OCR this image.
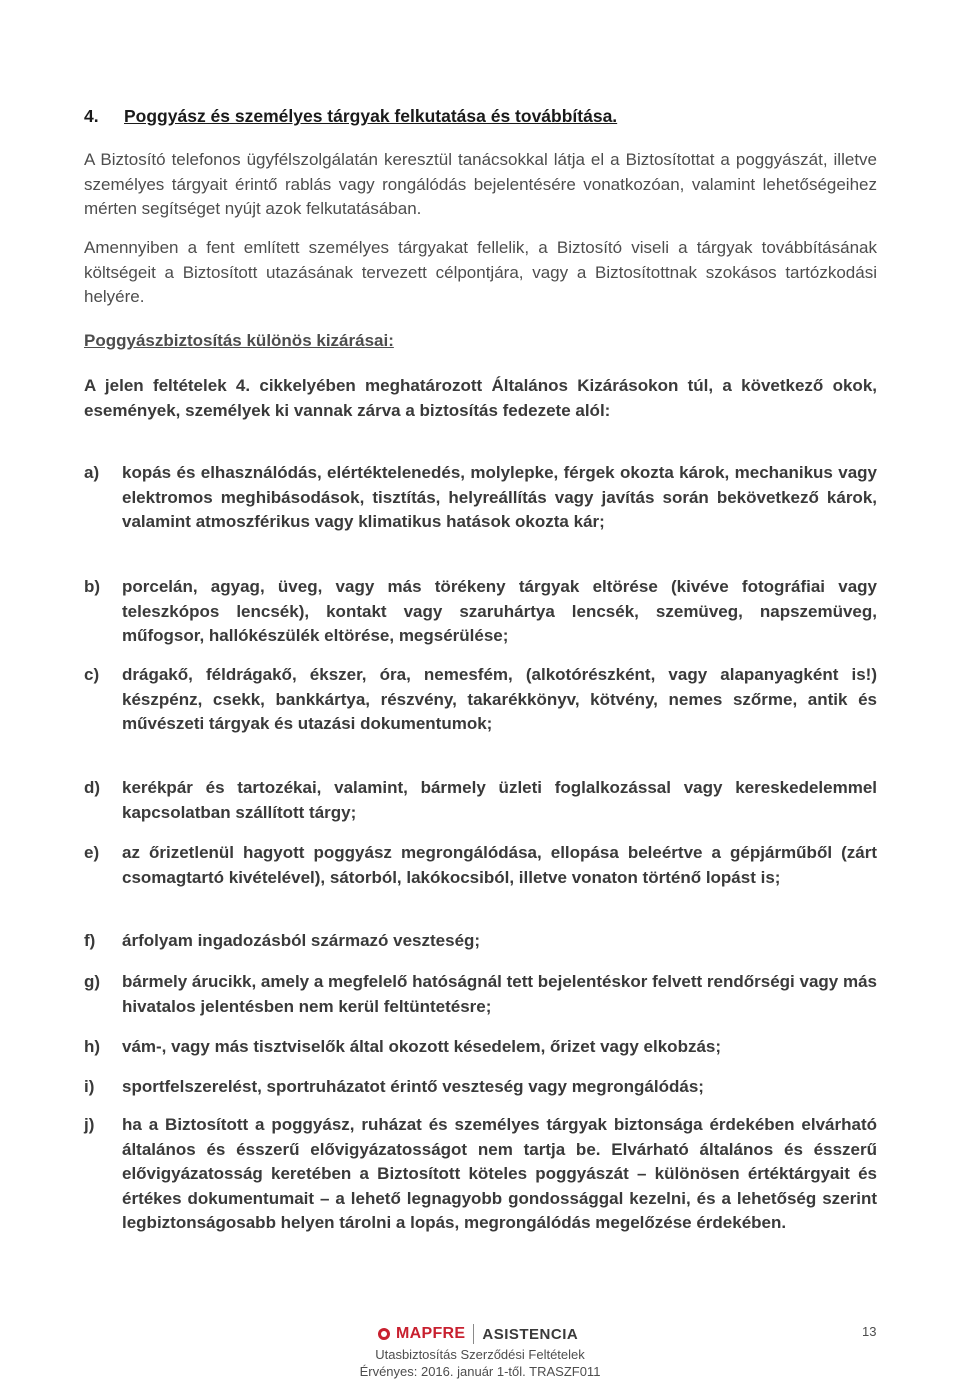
4. Poggyász és személyes tárgyak felkutatása és továbbítása.
A Biztosító telefonos ügyfélszolgálatán keresztül tanácsokkal látja el a Biztosítottat a poggyászát, illetve személyes tárgyait érintő rablás vagy rongálódás bejelentésére vonatkozóan, valamint lehetőségeihez mérten segítséget nyújt azok felkutatásában.
Amennyiben a fent említett személyes tárgyakat fellelik, a Biztosító viseli a tárgyak továbbításának költségeit a Biztosított utazásának tervezett célpontjára, vagy a Biztosítottnak szokásos tartózkodási helyére.
Poggyászbiztosítás különös kizárásai:
A jelen feltételek 4. cikkelyében meghatározott Általános Kizárásokon túl, a következő okok, események, személyek ki vannak zárva a biztosítás fedezete alól:
a) kopás és elhasználódás, elértéktelenedés, molylepke, férgek okozta károk, mechanikus vagy elektromos meghibásodások, tisztítás, helyreállítás vagy javítás során bekövetkező károk, valamint atmoszférikus vagy klimatikus hatások okozta kár;
b) porcelán, agyag, üveg, vagy más törékeny tárgyak eltörése (kivéve fotográfiai vagy teleszkópos lencsék), kontakt vagy szaruhártya lencsék, szemüveg, napszemüveg, műfogsor, hallókészülék eltörése, megsérülése;
c) drágakő, féldrágakő, ékszer, óra, nemesfém, (alkotórészként, vagy alapanyagként is!) készpénz, csekk, bankkártya, részvény, takarékkönyv, kötvény, nemes szőrme, antik és művészeti tárgyak és utazási dokumentumok;
d) kerékpár és tartozékai, valamint, bármely üzleti foglalkozással vagy kereskedelemmel kapcsolatban szállított tárgy;
e) az őrizetlenül hagyott poggyász megrongálódása, ellopása beleértve a gépjárműből (zárt csomagtartó kivételével), sátorból, lakókocsiból, illetve vonaton történő lopást is;
f) árfolyam ingadozásból származó veszteség;
g) bármely árucikk, amely a megfelelő hatóságnál tett bejelentéskor felvett rendőrségi vagy más hivatalos jelentésben nem kerül feltüntetésre;
h) vám-, vagy más tisztviselők által okozott késedelem, őrizet vagy elkobzás;
i) sportfelszerelést, sportruházatot érintő veszteség vagy megrongálódás;
j) ha a Biztosított a poggyász, ruházat és személyes tárgyak biztonsága érdekében elvárható általános és ésszerű elővigyázatosságot nem tartja be. Elvárható általános és ésszerű elővigyázatosság keretében a Biztosított köteles poggyászát – különösen értéktárgyait és értékes dokumentumait – a lehető legnagyobb gondossággal kezelni, és a lehetőség szerint legbiztonságosabb helyen tárolni a lopás, megrongálódás megelőzése érdekében.
MAPFRE ASISTENCIA	13
Utasbiztosítás Szerződési Feltételek
Érvényes: 2016. január 1-től. TRASZF011
